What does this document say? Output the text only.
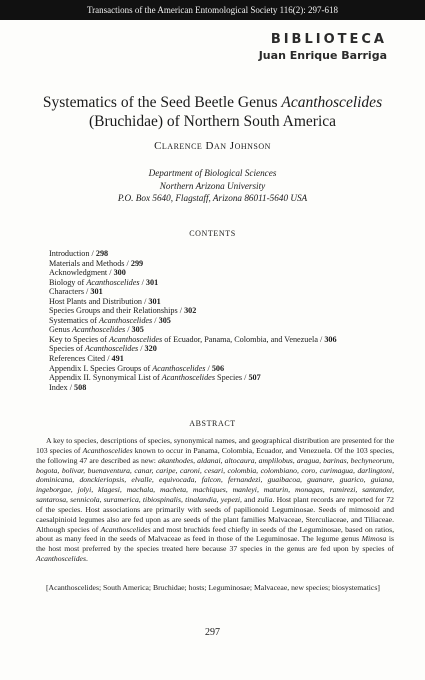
Transactions of the American Entomological Society 116(2): 297-618
BIBLIOTECA
Juan Enrique Barriga
Systematics of the Seed Beetle Genus Acanthoscelides
(Bruchidae) of Northern South America
Clarence Dan Johnson
Department of Biological Sciences
Northern Arizona University
P.O. Box 5640, Flagstaff, Arizona 86011-5640 USA
CONTENTS
Introduction / 298
Materials and Methods / 299
Acknowledgment / 300
Biology of Acanthoscelides / 301
Characters / 301
Host Plants and Distribution / 301
Species Groups and their Relationships / 302
Systematics of Acanthoscelides / 305
Genus Acanthoscelides / 305
Key to Species of Acanthoscelides of Ecuador, Panama, Colombia, and Venezuela / 306
Species of Acanthoscelides / 320
References Cited / 491
Appendix I. Species Groups of Acanthoscelides / 506
Appendix II. Synonymical List of Acanthoscelides Species / 507
Index / 508
ABSTRACT

A key to species, descriptions of species, synonymical names, and geographical distribution are presented for the 103 species of Acanthoscelides known to occur in Panama, Colombia, Ecuador, and Venezuela. Of the 103 species, the following 47 are described as new: akanthodes, aldanai, altocaura, amplilobus, aragua, barinas, bechyneorum, bogota, bolivar, buenaventura, canar, caripe, caroni, cesari, colombia, colombiano, coro, curimagua, darlingtoni, dominicana, donckieriopsis, elvalle, equivocada, falcon, fernandezi, guaibacoa, guanare, guarico, guiana, ingeborgae, jolyi, klagesi, machala, macheta, machiques, manleyi, maturin, monagas, ramirezi, santander, santarosa, sennicola, suramerica, tibiospinalis, tinalandia, yepezi, and zulia. Host plant records are reported for 72 of the species. Host associations are primarily with seeds of papilionoid Leguminosae. Seeds of mimosoid and caesalpinioid legumes also are fed upon as are seeds of the plant families Malvaceae, Sterculiaceae, and Tiliaceae. Although species of Acanthoscelides and most bruchids feed chiefly in seeds of the Leguminosae, based on ratios, about as many feed in the seeds of Malvaceae as feed in those of the Leguminosae. The legume genus Mimosa is the host most preferred by the species treated here because 37 species in the genus are fed upon by species of Acanthoscelides.

[Acanthoscelides; South America; Bruchidae; hosts; Leguminosae; Malvaceae, new species; biosystematics]
297
